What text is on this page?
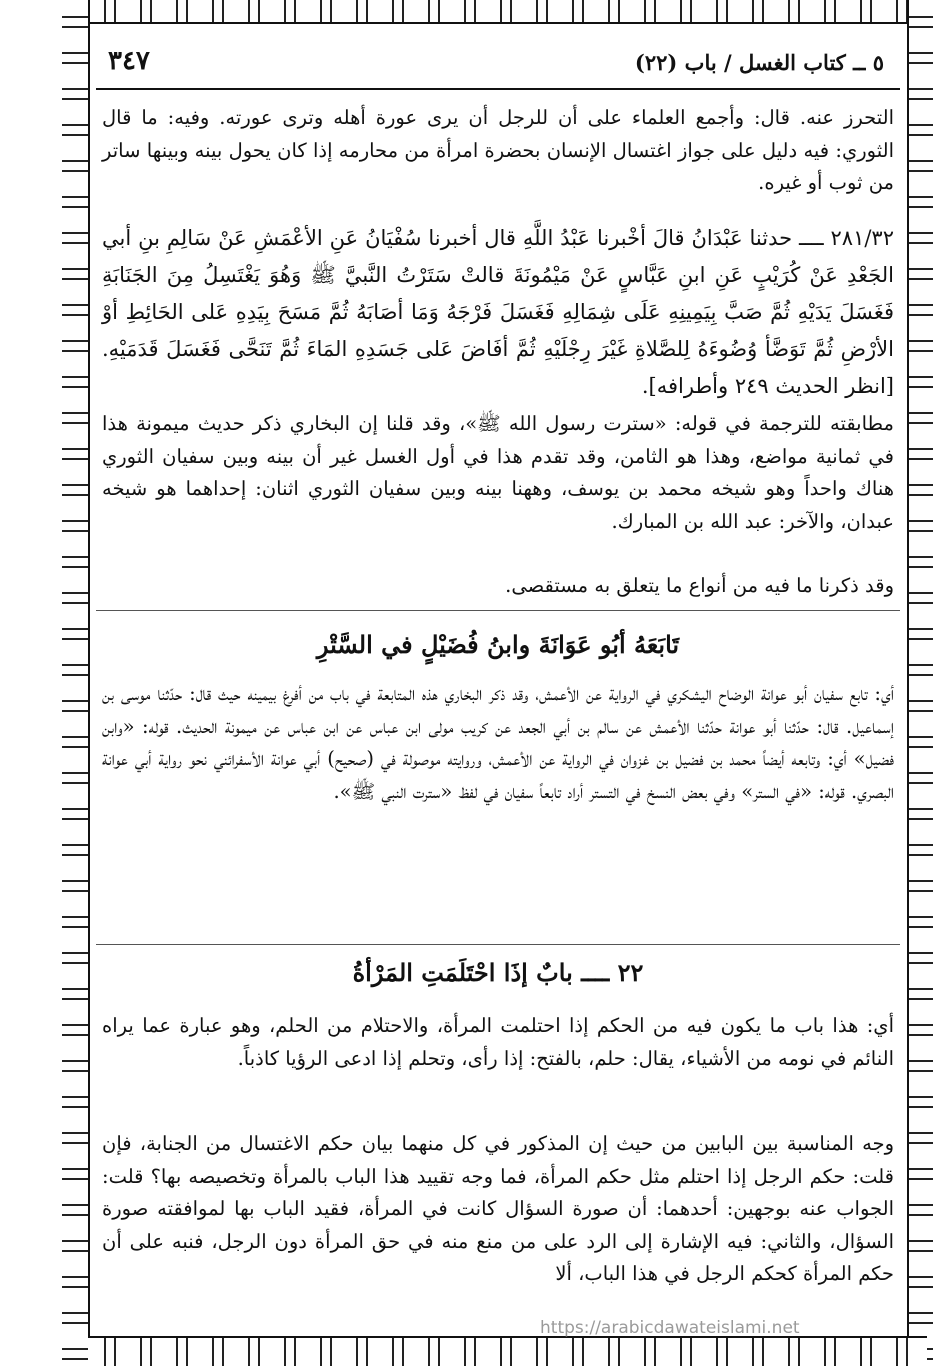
٥ ــ كتاب الغسل / باب (٢٢)
٣٤٧

التحرز عنه. قال: وأجمع العلماء على أن للرجل أن يرى عورة أهله وترى عورته. وفيه: ما قال الثوري: فيه دليل على جواز اغتسال الإنسان بحضرة امرأة من محارمه إذا كان يحول بينه وبينها ساتر من ثوب أو غيره.

٢٨١/٣٢ ــــ حدثنا عَبْدَانُ قالَ أخْبرنا عَبْدُ اللَّهِ قال أخبرنا سُفْيَانُ عَنِ الأعْمَشِ عَنْ سَالِمِ بنِ أبي الجَعْدِ عَنْ كُرَيْبٍ عَنِ ابنِ عَبَّاسٍ عَنْ مَيْمُونَةَ قالتْ سَتَرْتُ النَّبيَّ ﷺ وَهُوَ يَغْتَسِلُ مِنَ الجَنَابَةِ فَغَسَلَ يَدَيْهِ ثُمَّ صَبَّ بِيَمِينِهِ عَلَى شِمَالِهِ فَغَسَلَ فَرْجَهُ وَمَا أصَابَهُ ثُمَّ مَسَحَ بِيَدِهِ عَلى الحَائِطِ أوْ الأرْضِ ثُمَّ تَوَضَّأ وُضُوءَهُ لِلصَّلاةِ غَيْرَ رِجْلَيْهِ ثُمَّ أفَاضَ عَلى جَسَدِهِ المَاءَ ثُمَّ تَنَحَّى فَغَسَلَ قَدَمَيْهِ. [انظر الحديث ٢٤٩ وأطرافه].

مطابقته للترجمة في قوله: «سترت رسول الله ﷺ»، وقد قلنا إن البخاري ذكر حديث ميمونة هذا في ثمانية مواضع، وهذا هو الثامن، وقد تقدم هذا في أول الغسل غير أن بينه وبين سفيان الثوري هناك واحداً وهو شيخه محمد بن يوسف، وههنا بينه وبين سفيان الثوري اثنان: إحداهما هو شيخه عبدان، والآخر: عبد الله بن المبارك.

وقد ذكرنا ما فيه من أنواع ما يتعلق به مستقصى.

تَابَعَهُ أبُو عَوَانَةَ وابنُ فُضَيْلٍ في السَّتْرِ

أي: تابع سفيان أبو عوانة الوضاح اليشكري في الرواية عن الأعمش، وقد ذكر البخاري هذه المتابعة في باب من أفرغ بيمينه حيث قال: حدّثنا موسى بن إسماعيل. قال: حدّثنا أبو عوانة حدّثنا الأعمش عن سالم بن أبي الجعد عن كريب مولى ابن عباس عن ابن عباس عن ميمونة الحديث. قوله: «وابن فضيل» أي: وتابعه أيضاً محمد بن فضيل بن غزوان في الرواية عن الأعمش، وروايته موصولة في (صحيح) أبي عوانة الأسفرائني نحو رواية أبي عوانة البصري. قوله: «في الستر» وفي بعض النسخ في التستر أراد تابعاً سفيان في لفظ «سترت النبي ﷺ».

٢٢ ــــ بابٌ إذَا احْتَلَمَتِ المَرْأةُ

أي: هذا باب ما يكون فيه من الحكم إذا احتلمت المرأة، والاحتلام من الحلم، وهو عبارة عما يراه النائم في نومه من الأشياء، يقال: حلم، بالفتح: إذا رأى، وتحلم إذا ادعى الرؤيا كاذباً.

وجه المناسبة بين البابين من حيث إن المذكور في كل منهما بيان حكم الاغتسال من الجنابة، فإن قلت: حكم الرجل إذا احتلم مثل حكم المرأة، فما وجه تقييد هذا الباب بالمرأة وتخصيصه بها؟ قلت: الجواب عنه بوجهين: أحدهما: أن صورة السؤال كانت في المرأة، فقيد الباب بها لموافقته صورة السؤال، والثاني: فيه الإشارة إلى الرد على من منع منه في حق المرأة دون الرجل، فنبه على أن حكم المرأة كحكم الرجل في هذا الباب، ألا

https://arabicdawateislami.net
